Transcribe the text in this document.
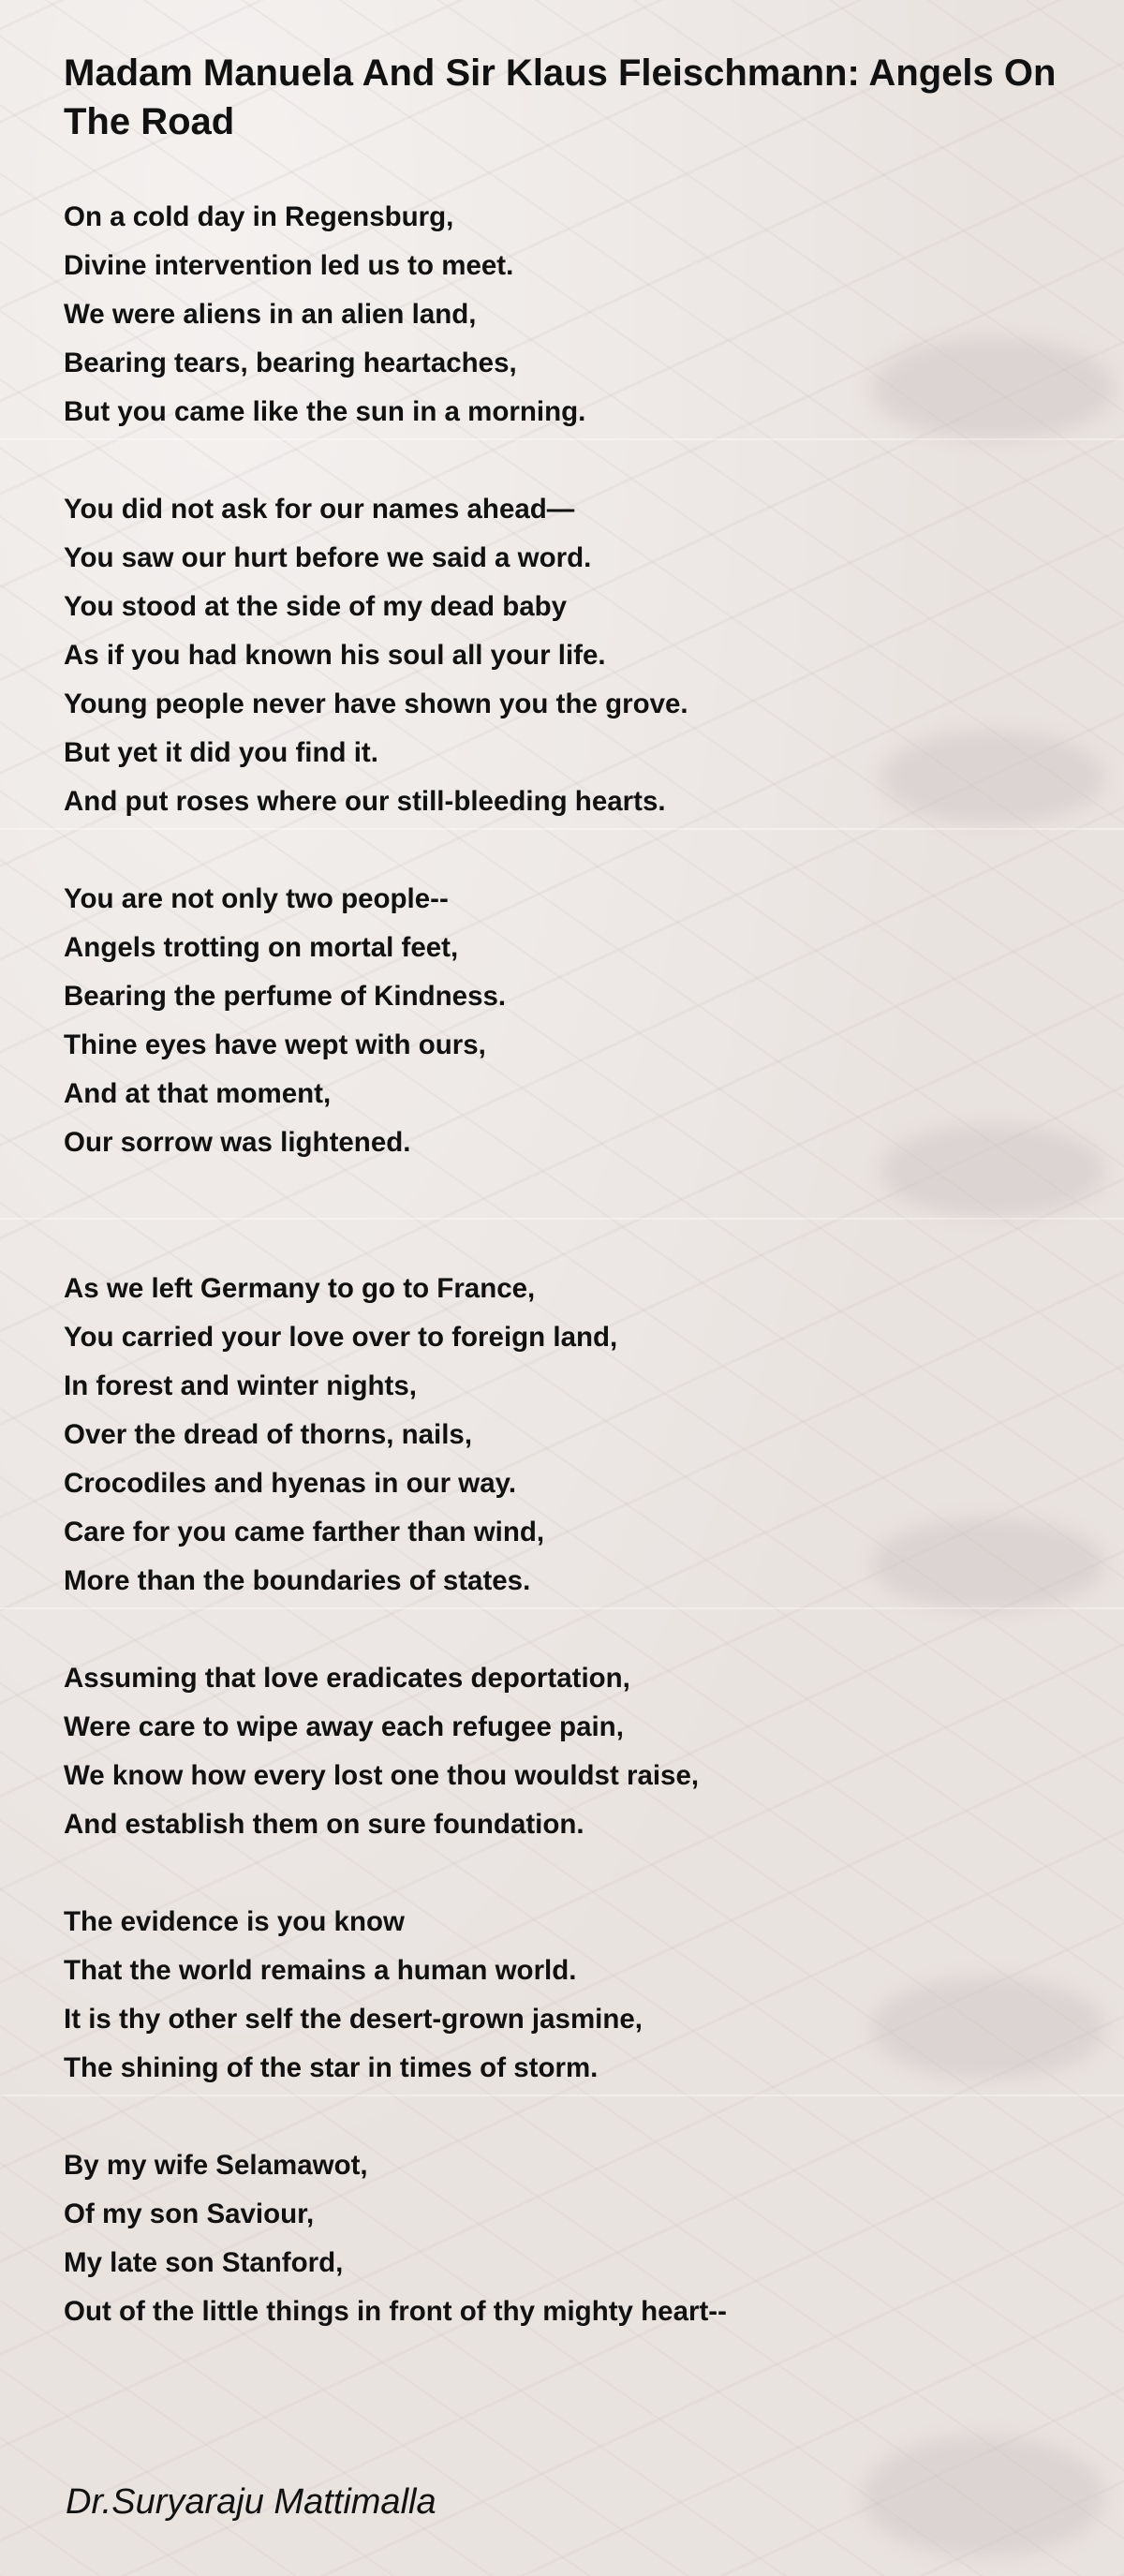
Madam Manuela And Sir Klaus Fleischmann: Angels On The Road
On a cold day in Regensburg,
Divine intervention led us to meet.
We were aliens in an alien land,
Bearing tears, bearing heartaches,
But you came like the sun in a morning.
You did not ask for our names ahead—
You saw our hurt before we said a word.
You stood at the side of my dead baby
As if you had known his soul all your life.
Young people never have shown you the grove.
But yet it did you find it.
And put roses where our still-bleeding hearts.
You are not only two people--
Angels trotting on mortal feet,
Bearing the perfume of Kindness.
Thine eyes have wept with ours,
And at that moment,
Our sorrow was lightened.
As we left Germany to go to France,
You carried your love over to foreign land,
In forest and winter nights,
Over the dread of thorns, nails,
Crocodiles and hyenas in our way.
Care for you came farther than wind,
More than the boundaries of states.
Assuming that love eradicates deportation,
Were care to wipe away each refugee pain,
We know how every lost one thou wouldst raise,
And establish them on sure foundation.
The evidence is you know
That the world remains a human world.
It is thy other self the desert-grown jasmine,
The shining of the star in times of storm.
By my wife Selamawot,
Of my son Saviour,
My late son Stanford,
Out of the little things in front of thy mighty heart--
Dr.Suryaraju Mattimalla
